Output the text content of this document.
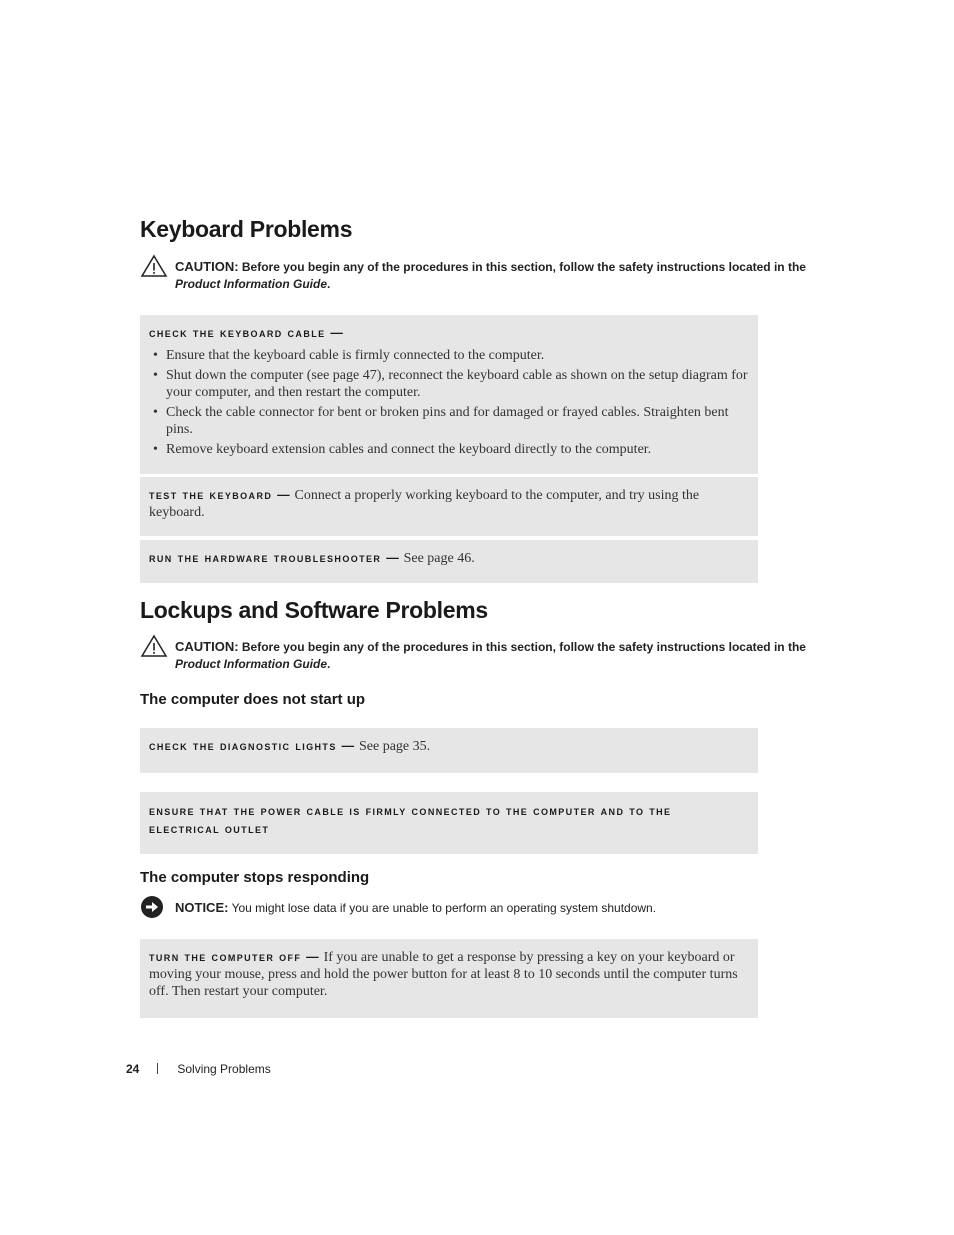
Keyboard Problems
CAUTION: Before you begin any of the procedures in this section, follow the safety instructions located in the Product Information Guide.
check the keyboard cable —
• Ensure that the keyboard cable is firmly connected to the computer.
• Shut down the computer (see page 47), reconnect the keyboard cable as shown on the setup diagram for your computer, and then restart the computer.
• Check the cable connector for bent or broken pins and for damaged or frayed cables. Straighten bent pins.
• Remove keyboard extension cables and connect the keyboard directly to the computer.
test the keyboard — Connect a properly working keyboard to the computer, and try using the keyboard.
run the hardware troubleshooter — See page 46.
Lockups and Software Problems
CAUTION: Before you begin any of the procedures in this section, follow the safety instructions located in the Product Information Guide.
The computer does not start up
check the diagnostic lights — See page 35.
ensure that the power cable is firmly connected to the computer and to the electrical outlet
The computer stops responding
NOTICE: You might lose data if you are unable to perform an operating system shutdown.
turn the computer off — If you are unable to get a response by pressing a key on your keyboard or moving your mouse, press and hold the power button for at least 8 to 10 seconds until the computer turns off. Then restart your computer.
24	Solving Problems
